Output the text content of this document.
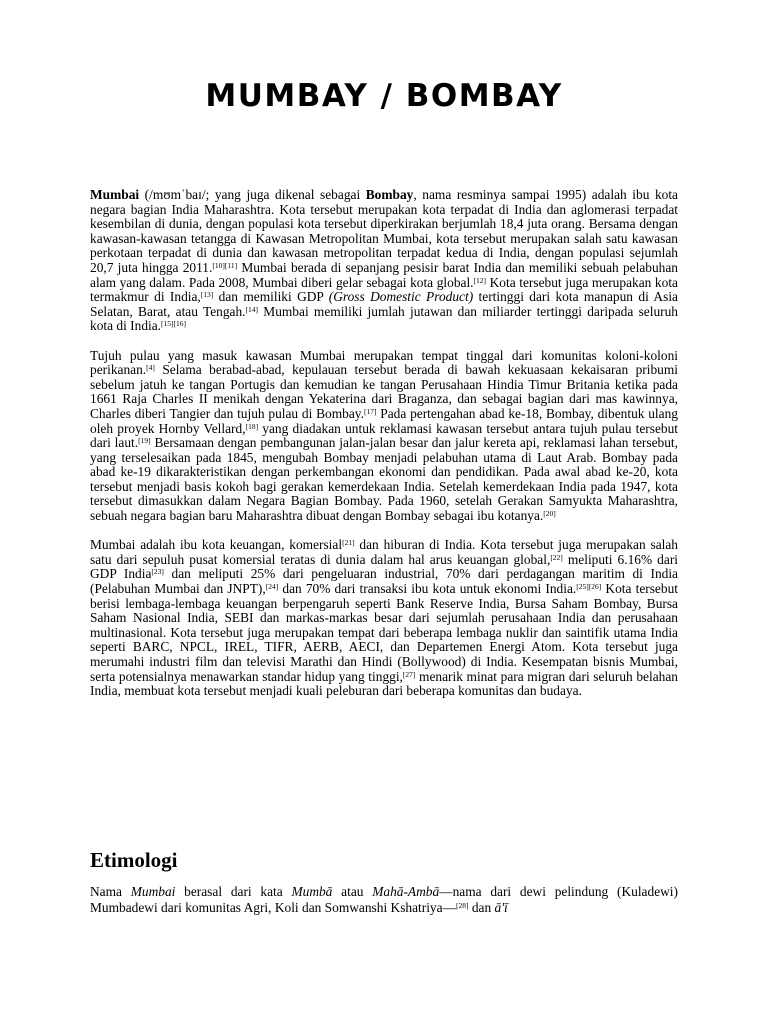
MUMBAY / BOMBAY

Mumbai (/mʊmˈbaɪ/; yang juga dikenal sebagai Bombay, nama resminya sampai 1995) adalah ibu kota negara bagian India Maharashtra. Kota tersebut merupakan kota terpadat di India dan aglomerasi terpadat kesembilan di dunia, dengan populasi kota tersebut diperkirakan berjumlah 18,4 juta orang. Bersama dengan kawasan-kawasan tetangga di Kawasan Metropolitan Mumbai, kota tersebut merupakan salah satu kawasan perkotaan terpadat di dunia dan kawasan metropolitan terpadat kedua di India, dengan populasi sejumlah 20,7 juta hingga 2011.[10][11] Mumbai berada di sepanjang pesisir barat India dan memiliki sebuah pelabuhan alam yang dalam. Pada 2008, Mumbai diberi gelar sebagai kota global.[12] Kota tersebut juga merupakan kota termakmur di India,[13] dan memiliki GDP (Gross Domestic Product) tertinggi dari kota manapun di Asia Selatan, Barat, atau Tengah.[14] Mumbai memiliki jumlah jutawan dan miliarder tertinggi daripada seluruh kota di India.[15][16]

Tujuh pulau yang masuk kawasan Mumbai merupakan tempat tinggal dari komunitas koloni-koloni perikanan.[4] Selama berabad-abad, kepulauan tersebut berada di bawah kekuasaan kekaisaran pribumi sebelum jatuh ke tangan Portugis dan kemudian ke tangan Perusahaan Hindia Timur Britania ketika pada 1661 Raja Charles II menikah dengan Yekaterina dari Braganza, dan sebagai bagian dari mas kawinnya, Charles diberi Tangier dan tujuh pulau di Bombay.[17] Pada pertengahan abad ke-18, Bombay, dibentuk ulang oleh proyek Hornby Vellard,[18] yang diadakan untuk reklamasi kawasan tersebut antara tujuh pulau tersebut dari laut.[19] Bersamaan dengan pembangunan jalan-jalan besar dan jalur kereta api, reklamasi lahan tersebut, yang terselesaikan pada 1845, mengubah Bombay menjadi pelabuhan utama di Laut Arab. Bombay pada abad ke-19 dikarakteristikan dengan perkembangan ekonomi dan pendidikan. Pada awal abad ke-20, kota tersebut menjadi basis kokoh bagi gerakan kemerdekaan India. Setelah kemerdekaan India pada 1947, kota tersebut dimasukkan dalam Negara Bagian Bombay. Pada 1960, setelah Gerakan Samyukta Maharashtra, sebuah negara bagian baru Maharashtra dibuat dengan Bombay sebagai ibu kotanya.[20]

Mumbai adalah ibu kota keuangan, komersial[21] dan hiburan di India. Kota tersebut juga merupakan salah satu dari sepuluh pusat komersial teratas di dunia dalam hal arus keuangan global,[22] meliputi 6.16% dari GDP India[23] dan meliputi 25% dari pengeluaran industrial, 70% dari perdagangan maritim di India (Pelabuhan Mumbai dan JNPT),[24] dan 70% dari transaksi ibu kota untuk ekonomi India.[25][26] Kota tersebut berisi lembaga-lembaga keuangan berpengaruh seperti Bank Reserve India, Bursa Saham Bombay, Bursa Saham Nasional India, SEBI dan markas-markas besar dari sejumlah perusahaan India dan perusahaan multinasional. Kota tersebut juga merupakan tempat dari beberapa lembaga nuklir dan saintifik utama India seperti BARC, NPCL, IREL, TIFR, AERB, AECI, dan Departemen Energi Atom. Kota tersebut juga merumahi industri film dan televisi Marathi dan Hindi (Bollywood) di India. Kesempatan bisnis Mumbai, serta potensialnya menawarkan standar hidup yang tinggi,[27] menarik minat para migran dari seluruh belahan India, membuat kota tersebut menjadi kuali peleburan dari beberapa komunitas dan budaya.

Etimologi

Nama Mumbai berasal dari kata Mumbā atau Mahā-Ambā—nama dari dewi pelindung (Kuladewi) Mumbadewi dari komunitas Agri, Koli dan Somwanshi Kshatriya—[28] dan ā'ī
